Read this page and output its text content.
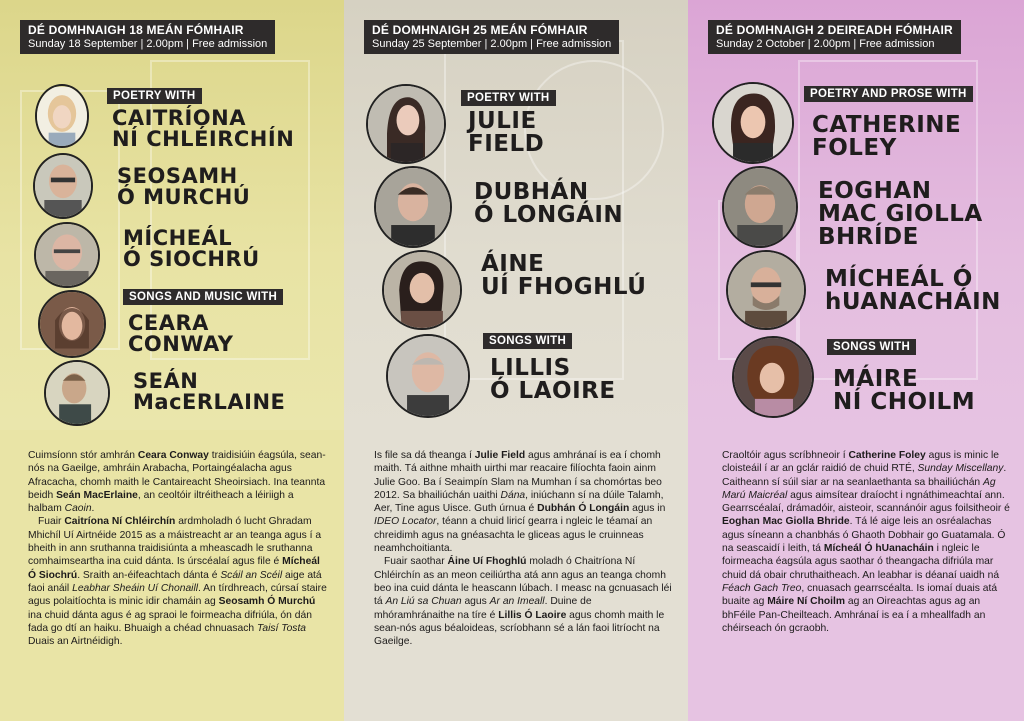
DÉ DOMHNAIGH 18 MEÁN FÓMHAIR
Sunday 18 September | 2.00pm | Free admission
POETRY WITH
CAITRÍONA
NÍ CHLÉIRCHÍN
SEOSAMH
Ó MURCHÚ
MÍCHEÁL
Ó SIOCHRÚ
SONGS AND MUSIC WITH
CEARA
CONWAY
SEÁN
MacERLAINE

Cuimsíonn stór amhrán Ceara Conway traidisiúin éagsúla, sean-nós na Gaeilge, amhráin Arabacha, Portaingéalacha agus Afracacha, chomh maith le Cantaireacht Sheoirsiach. Ina teannta beidh Seán MacErlaine, an ceoltóir iltréitheach a léiriigh a halbam Caoin.

Fuair Caitríona Ní Chléirchín ardmholadh ó lucht Ghradam Mhichíl Uí Airtnéide 2015 as a máistreacht ar an teanga agus í a bheith in ann sruthanna traidisiúnta a mheascadh le sruthanna comhaimseartha ina cuid dánta. Is úrscéalaí agus file é Mícheál Ó Siochrú. Sraith an-éifeachtach dánta é Scáil an Scéil aige atá faoi anáil Leabhar Sheáin Uí Chonaill. An tírdhreach, cúrsaí staire agus polaitíochta is minic idir chamáin ag Seosamh Ó Murchú ina chuid dánta agus é ag spraoi le foirmeacha difriúla, ón dán fada go dtí an haiku. Bhuaigh a chéad chnuasach Taisí Tosta Duais an Airtnéidigh.

DÉ DOMHNAIGH 25 MEÁN FÓMHAIR
Sunday 25 September | 2.00pm | Free admission
POETRY WITH
JULIE
FIELD
DUBHÁN
Ó LONGÁIN
ÁINE
UÍ FHOGHLÚ
SONGS WITH
LILLIS
Ó LAOIRE

Is file sa dá theanga í Julie Field agus amhránaí is ea í chomh maith. Tá aithne mhaith uirthi mar reacaire filíochta faoin ainm Julie Goo. Ba í Seaimpín Slam na Mumhan í sa chomórtas beo 2012. Sa bhailiúchán uaithi Dána, iniúchann sí na dúile Talamh, Aer, Tine agus Uisce. Guth úrnua é Dubhán Ó Longáin agus in IDEO Locator, téann a chuid liricí gearra i ngleic le téamaí an chreidimh agus na gnéasachta le gliceas agus le cruinneas neamhchoitianta.

Fuair saothar Áine Uí Fhoghlú moladh ó Chaitríona Ní Chléirchín as an meon ceiliúrtha atá ann agus an teanga chomh beo ina cuid dánta le heascann lúbach. I measc na gcnuasach léi tá An Liú sa Chuan agus Ar an Imeall. Duine de mhóramhránaithe na tíre é Lillis Ó Laoire agus chomh maith le sean-nós agus béaloideas, scríobhann sé a lán faoi litríocht na Gaeilge.

DÉ DOMHNAIGH 2 DEIREADH FÓMHAIR
Sunday 2 October | 2.00pm | Free admission
POETRY AND PROSE WITH
CATHERINE
FOLEY
EOGHAN
MAC GIOLLA
BHRÍDE
MÍCHEÁL Ó
hUANACHÁIN
SONGS WITH
MÁIRE
NÍ CHOILM

Craoltóir agus scríbhneoir í Catherine Foley agus is minic le cloisteáil í ar an gclár raidió de chuid RTÉ, Sunday Miscellany. Caitheann sí súil siar ar na seanlaethanta sa bhailiúchán Ag Marú Maicréal agus aimsítear draíocht i ngnáthimeachtaí ann. Gearrscéalaí, drámadóir, aisteoir, scannánóir agus foilsitheoir é Eoghan Mac Giolla Bhride. Tá lé aige leis an osréalachas agus síneann a chanbhás ó Ghaoth Dobhair go Guatamala. Ó na seascaidí i leith, tá Mícheál Ó hUanacháin i ngleic le foirmeacha éagsúla agus saothar ó theangacha difriúla mar chuid dá obair chruthaitheach. An leabhar is déanaí uaidh ná Féach Gach Treo, cnuasach gearrscéalta. Is iomaí duais atá buaite ag Máire Ní Choilm ag an Oireachtas agus ag an bhFéile Pan-Cheilteach. Amhránaí is ea í a mheallfadh an chéirseach ón gcraobh.
